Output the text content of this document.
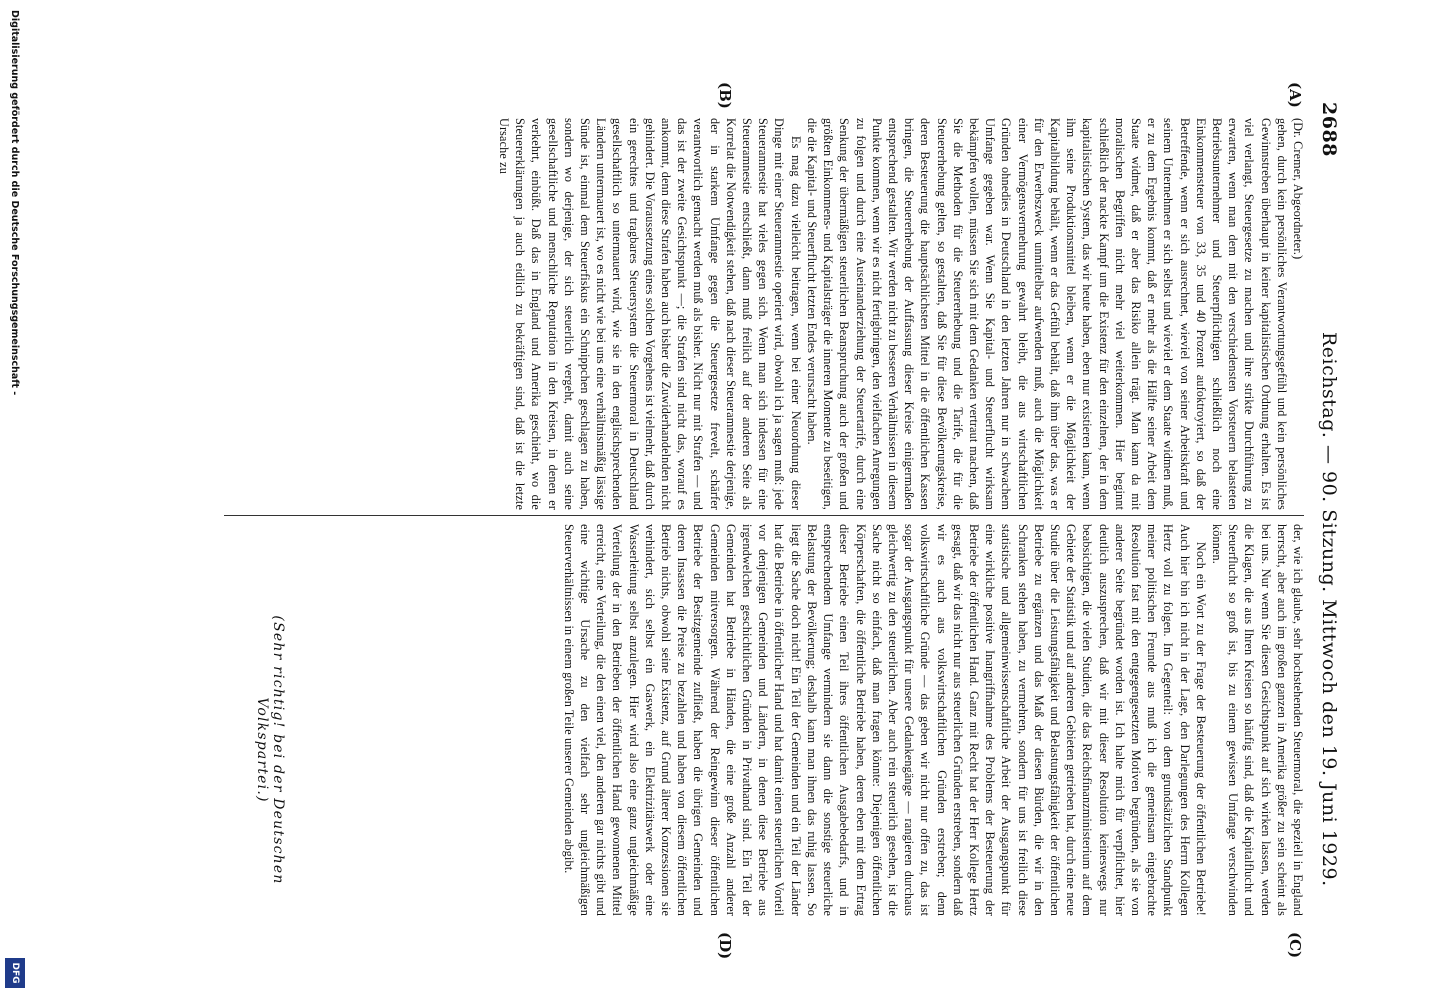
2688
Reichstag. — 90. Sitzung. Mittwoch den 19. Juni 1929.
(A)
(B)
(C)
(D)

(Dr. Cremer, Abgeordneter.)

gehen, durch kein persönliches Verantwortungsgefühl und kein persönliches Gewinnstreben überhaupt in keiner kapitalistischen Ordnung erhalten. Es ist viel verlangt, Steuergesetze zu machen und ihre strikte Durchführung zu erwarten, wenn man dem mit den verschiedensten Vorsteuern belasteten Betriebsunternehmer und Steuerpflichtigen schließlich noch eine Einkommensteuer von 33, 35 und 40 Prozent aufoktroyiert, so daß der Betreffende, wenn er sich ausrechnet, wieviel von seiner Arbeitskraft und seinem Unternehmen er sich selbst und wieviel er dem Staate widmen muß, er zu dem Ergebnis kommt, daß er mehr als die Hälfte seiner Arbeit dem Staate widmet, daß er aber das Risiko allein trägt. Man kann da mit moralischen Begriffen nicht mehr viel weiterkommen. Hier beginnt schließlich der nackte Kampf um die Existenz für den einzelnen, der in dem kapitalistischen System, das wir heute haben, eben nur existieren kann, wenn ihm seine Produktionsmittel bleiben, wenn er die Möglichkeit der Kapitalbildung behält, wenn er das Gefühl behält, daß ihm über das, was er für den Erwerbszweck unmittelbar aufwenden muß, auch die Möglichkeit einer Vermögensvermehrung gewahrt bleibt, die aus wirtschaftlichen Gründen ohnedies in Deutschland in den letzten Jahren nur in schwachem Umfange gegeben war. Wenn Sie Kapital- und Steuerflucht wirksam bekämpfen wollen, müssen Sie sich mit dem Gedanken vertraut machen, daß Sie die Methoden für die Steuererhebung und die Tarife, die für die Steuererhebung gelten, so gestalten, daß Sie für diese Bevölkerungskreise, deren Besteuerung die hauptsächlichsten Mittel in die öffentlichen Kassen bringen, die Steuererhebung der Auffassung dieser Kreise einigermaßen entsprechend gestalten. Wir werden nicht zu besseren Verhältnissen in diesem Punkte kommen, wenn wir es nicht fertigbringen, den vielfachen Anregungen zu folgen und durch eine Auseinanderziehung der Steuertarife, durch eine Senkung der übermäßigen steuerlichen Beanspruchung auch der großen und größten Einkommens- und Kapitalsträger die inneren Momente zu beseitigen, die die Kapital- und Steuerflucht letzten Endes verursacht haben.

Es mag dazu vielleicht beitragen, wenn bei einer Neuordnung dieser Dinge mit einer Steueramnestie operiert wird, obwohl ich ja sagen muß: jede Steueramnestie hat vieles gegen sich. Wenn man sich indessen für eine Steueramnestie entschließt, dann muß freilich auf der anderen Seite als Korrelat die Notwendigkeit stehen, daß nach dieser Steueramnestie derjenige, der in starkem Umfange gegen die Steuergesetze frevelt, schärfer verantwortlich gemacht werden muß als bisher. Nicht nur mit Strafen — und das ist der zweite Gesichtspunkt —; die Strafen sind nicht das, worauf es ankommt, denn diese Strafen haben auch bisher die Zuwiderhandelnden nicht gehindert. Die Voraussetzung eines solchen Vorgehens ist vielmehr, daß durch ein gerechtes und tragbares Steuersystem die Steuermoral in Deutschland gesellschaftlich so untermauert wird, wie sie in den englischsprechenden Ländern untermauert ist, wo es nicht wie bei uns eine verhältnismäßig lässige Sünde ist, einmal dem Steuerfiskus ein Schnippchen geschlagen zu haben, sondern wo derjenige, der sich steuerlich vergeht, damit auch seine gesellschaftliche und menschliche Reputation in den Kreisen, in denen er verkehrt, einbüßt. Daß das in England und Amerika geschieht, wo die Steuererklärungen ja auch eidlich zu bekräftigen sind, daß ist die letzte Ursache zu

der, wie ich glaube, sehr hochstehenden Steuermoral, die speziell in England herrscht, aber auch im großen ganzen in Amerika größer zu sein scheint als bei uns. Nur wenn Sie diesen Gesichtspunkt auf sich wirken lassen, werden die Klagen, die aus Ihren Kreisen so häufig sind, daß die Kapitalflucht und Steuerflucht so groß ist, bis zu einem gewissen Umfange verschwinden können.

Noch ein Wort zu der Frage der Besteuerung der öffentlichen Betriebe! Auch hier bin ich nicht in der Lage, den Darlegungen des Herrn Kollegen Hertz voll zu folgen. Im Gegenteil: von dem grundsätzlichen Standpunkt meiner politischen Freunde aus muß ich die gemeinsam eingebrachte Resolution fast mit den entgegengesetzten Motiven begründen, als sie von anderer Seite begründet worden ist. Ich halte mich für verpflichtet, hier deutlich auszusprechen, daß wir mit dieser Resolution keineswegs nur beabsichtigen, die vielen Studien, die das Reichsfinanzministerium auf dem Gebiete der Statistik und auf anderen Gebieten getrieben hat, durch eine neue Studie über die Leistungsfähigkeit und Belastungsfähigkeit der öffentlichen Betriebe zu ergänzen und das Maß der diesen Bürden, die wir in den Schranken stehen haben, zu vermehren, sondern für uns ist freilich diese statistische und allgemeinwissenschaftliche Arbeit der Ausgangspunkt für eine wirkliche positive Inangriffnahme des Problems der Besteuerung der Betriebe der öffentlichen Hand. Ganz mit Recht hat der Herr Kollege Hertz gesagt, daß wir das nicht nur aus steuerlichen Gründen erstreben, sondern daß wir es auch aus volkswirtschaftlichen Gründen erstreben; denn volkswirtschaftliche Gründe — das geben wir nicht nur offen zu, das ist sogar der Ausgangspunkt für unsere Gedankengänge — rangieren durchaus gleichwertig zu den steuerlichen. Aber auch rein steuerlich gesehen, ist die Sache nicht so einfach, daß man fragen könnte: Diejenigen öffentlichen Körperschaften, die öffentliche Betriebe haben, deren eben mit dem Ertrag dieser Betriebe einen Teil ihres öffentlichen Ausgabebedarfs, und in entsprechendem Umfange vermindern sie dann die sonstige steuerliche Belastung der Bevölkerung; deshalb kann man ihnen das ruhig lassen. So liegt die Sache doch nicht! Ein Teil der Gemeinden und ein Teil der Länder hat die Betriebe in öffentlicher Hand und hat damit einen steuerlichen Vorteil vor denjenigen Gemeinden und Ländern, in denen diese Betriebe aus irgendwelchen geschichtlichen Gründen in Privathand sind. Ein Teil der Gemeinden hat Betriebe in Händen, die eine große Anzahl anderer Gemeinden mitversorgen. Während der Reingewinn dieser öffentlichen Betriebe der Besitzgemeinde zufließt, haben die übrigen Gemeinden und deren Insassen die Preise zu bezahlen und haben von diesem öffentlichen Betrieb nichts, obwohl seine Existenz, auf Grund älterer Konzessionen sie verhindert, sich selbst ein Gaswerk, ein Elektrizitätswerk oder eine Wasserleitung selbst anzulegen. Hier wird also eine ganz ungleichmäßige Verteilung der in den Betrieben der öffentlichen Hand gewonnenen Mittel erreicht, eine Verteilung, die den einen viel, den anderen gar nichts gibt und eine wichtige Ursache zu den vielfach sehr ungleichmäßigen Steuerverhältnissen in einem großen Teile unserer Gemeinden abgibt.

(Sehr richtig! bei der Deutschen Volkspartei.)
Digitalisierung gefördert durch die Deutsche Forschungsgemeinschaft -
DFG
